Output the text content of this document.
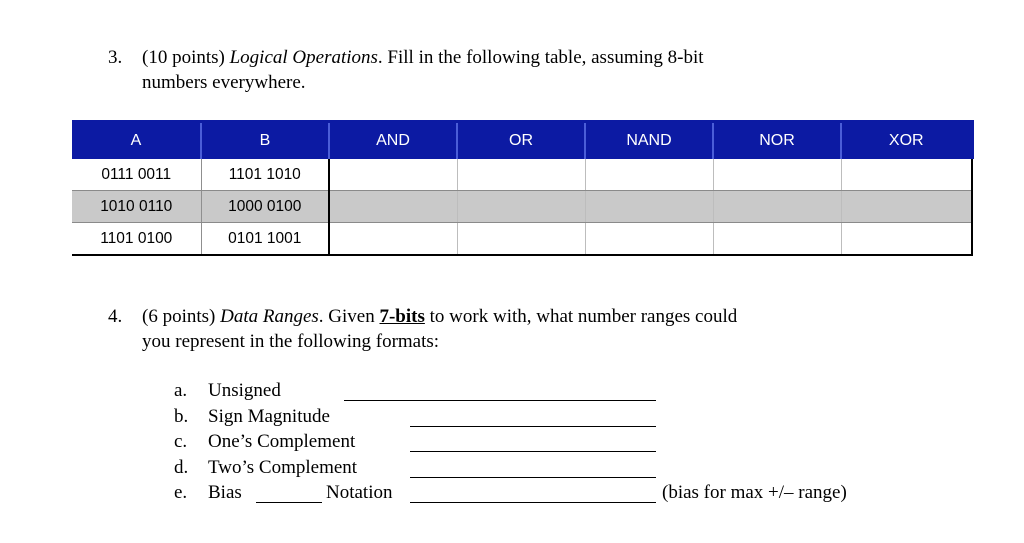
3. (10 points) Logical Operations. Fill in the following table, assuming 8-bit
numbers everywhere.
A	B	AND	OR	NAND	NOR	XOR
0111 0011	1101 1010					
1010 0110	1000 0100					
1101 0100	0101 1001					
4. (6 points) Data Ranges. Given 7-bits to work with, what number ranges could
you represent in the following formats:
a. Unsigned
b. Sign Magnitude
c. One’s Complement
d. Two’s Complement
e. Bias	Notation	(bias for max +/– range)
